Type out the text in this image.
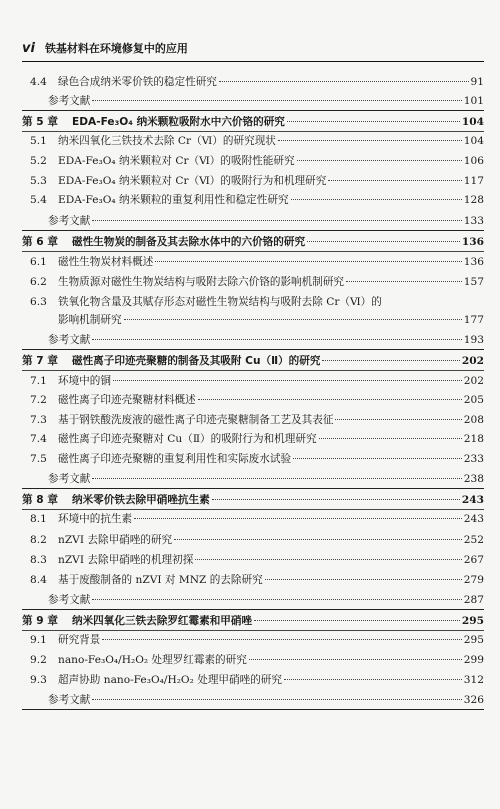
vi 铁基材料在环境修复中的应用
4.4	绿色合成纳米零价铁的稳定性研究	91
参考文献	101
第 5 章	EDA-Fe₃O₄ 纳米颗粒吸附水中六价铬的研究	104
5.1	纳米四氧化三铁技术去除 Cr（Ⅵ）的研究现状	104
5.2	EDA-Fe₃O₄ 纳米颗粒对 Cr（Ⅵ）的吸附性能研究	106
5.3	EDA-Fe₃O₄ 纳米颗粒对 Cr（Ⅵ）的吸附行为和机理研究	117
5.4	EDA-Fe₃O₄ 纳米颗粒的重复利用性和稳定性研究	128
参考文献	133
第 6 章	磁性生物炭的制备及其去除水体中的六价铬的研究	136
6.1	磁性生物炭材料概述	136
6.2	生物质源对磁性生物炭结构与吸附去除六价铬的影响机制研究	157
6.3	铁氧化物含量及其赋存形态对磁性生物炭结构与吸附去除 Cr（Ⅵ）的
影响机制研究	177
参考文献	193
第 7 章	磁性离子印迹壳聚糖的制备及其吸附 Cu（Ⅱ）的研究	202
7.1	环境中的铜	202
7.2	磁性离子印迹壳聚糖材料概述	205
7.3	基于钢铁酸洗废液的磁性离子印迹壳聚糖制备工艺及其表征	208
7.4	磁性离子印迹壳聚糖对 Cu（Ⅱ）的吸附行为和机理研究	218
7.5	磁性离子印迹壳聚糖的重复利用性和实际废水试验	233
参考文献	238
第 8 章	纳米零价铁去除甲硝唑抗生素	243
8.1	环境中的抗生素	243
8.2	nZVI 去除甲硝唑的研究	252
8.3	nZVI 去除甲硝唑的机理初探	267
8.4	基于废酸制备的 nZVI 对 MNZ 的去除研究	279
参考文献	287
第 9 章	纳米四氧化三铁去除罗红霉素和甲硝唑	295
9.1	研究背景	295
9.2	nano-Fe₃O₄/H₂O₂ 处理罗红霉素的研究	299
9.3	超声协助 nano-Fe₃O₄/H₂O₂ 处理甲硝唑的研究	312
参考文献	326
